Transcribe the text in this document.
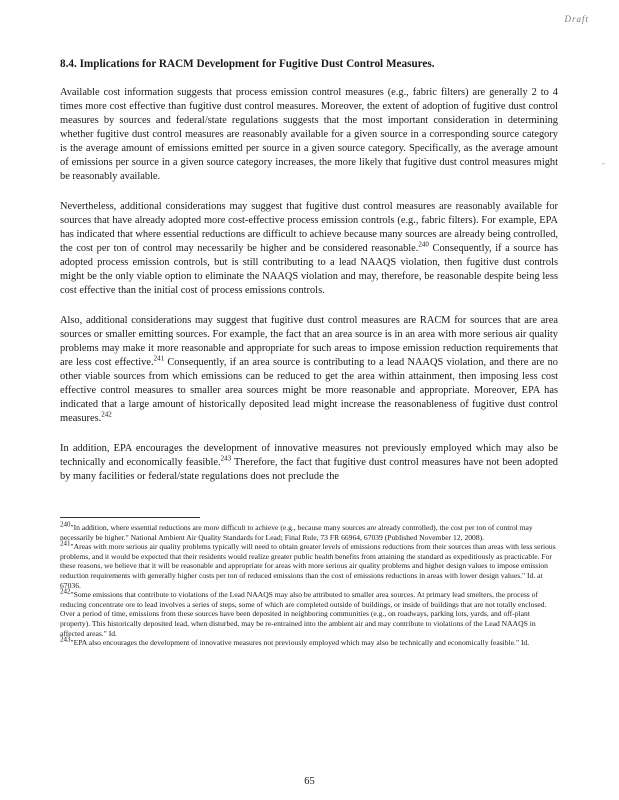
Draft
-

8.4. Implications for RACM Development for Fugitive Dust Control Measures.

Available cost information suggests that process emission control measures (e.g., fabric filters) are generally 2 to 4 times more cost effective than fugitive dust control measures. Moreover, the extent of adoption of fugitive dust control measures by sources and federal/state regulations suggests that the most important consideration in determining whether fugitive dust control measures are reasonably available for a given source in a corresponding source category is the average amount of emissions emitted per source in a given source category. Specifically, as the average amount of emissions per source in a given source category increases, the more likely that fugitive dust control measures might be reasonably available.

Nevertheless, additional considerations may suggest that fugitive dust control measures are reasonably available for sources that have already adopted more cost-effective process emission controls (e.g., fabric filters). For example, EPA has indicated that where essential reductions are difficult to achieve because many sources are already being controlled, the cost per ton of control may necessarily be higher and be considered reasonable.$^{240}$ Consequently, if a source has adopted process emission controls, but is still contributing to a lead NAAQS violation, then fugitive dust controls might be the only viable option to eliminate the NAAQS violation and may, therefore, be reasonable despite being less cost effective than the initial cost of process emissions controls.

Also, additional considerations may suggest that fugitive dust control measures are RACM for sources that are area sources or smaller emitting sources. For example, the fact that an area source is in an area with more serious air quality problems may make it more reasonable and appropriate for such areas to impose emission reduction requirements that are less cost effective.$^{241}$ Consequently, if an area source is contributing to a lead NAAQS violation, and there are no other viable sources from which emissions can be reduced to get the area within attainment, then imposing less cost effective control measures to smaller area sources might be more reasonable and appropriate. Moreover, EPA has indicated that a large amount of historically deposited lead might increase the reasonableness of fugitive dust control measures.$^{242}$

In addition, EPA encourages the development of innovative measures not previously employed which may also be technically and economically feasible.$^{243}$ Therefore, the fact that fugitive dust control measures have not been adopted by many facilities or federal/state regulations does not preclude the

$^{240}$"In addition, where essential reductions are more difficult to achieve (e.g., because many sources are already controlled), the cost per ton of control may necessarily be higher." National Ambient Air Quality Standards for Lead; Final Rule, 73 FR 66964, 67039 (Published November 12, 2008).

$^{241}$"Areas with more serious air quality problems typically will need to obtain greater levels of emissions reductions from their sources than areas with less serious problems, and it would be expected that their residents would realize greater public health benefits from attaining the standard as expeditiously as practicable. For these reasons, we believe that it will be reasonable and appropriate for areas with more serious air quality problems and higher design values to impose emission reduction requirements with generally higher costs per ton of reduced emissions than the cost of emissions reductions in areas with lower design values." Id. at 67036.

$^{242}$"Some emissions that contribute to violations of the Lead NAAQS may also be attributed to smaller area sources. At primary lead smelters, the process of reducing concentrate ore to lead involves a series of steps, some of which are completed outside of buildings, or inside of buildings that are not totally enclosed. Over a period of time, emissions from these sources have been deposited in neighboring communities (e.g., on roadways, parking lots, yards, and off-plant property). This historically deposited lead, when disturbed, may be re-entrained into the ambient air and may contribute to violations of the Lead NAAQS in affected areas." Id.

$^{243}$"EPA also encourages the development of innovative measures not previously employed which may also be technically and economically feasible." Id.

65
